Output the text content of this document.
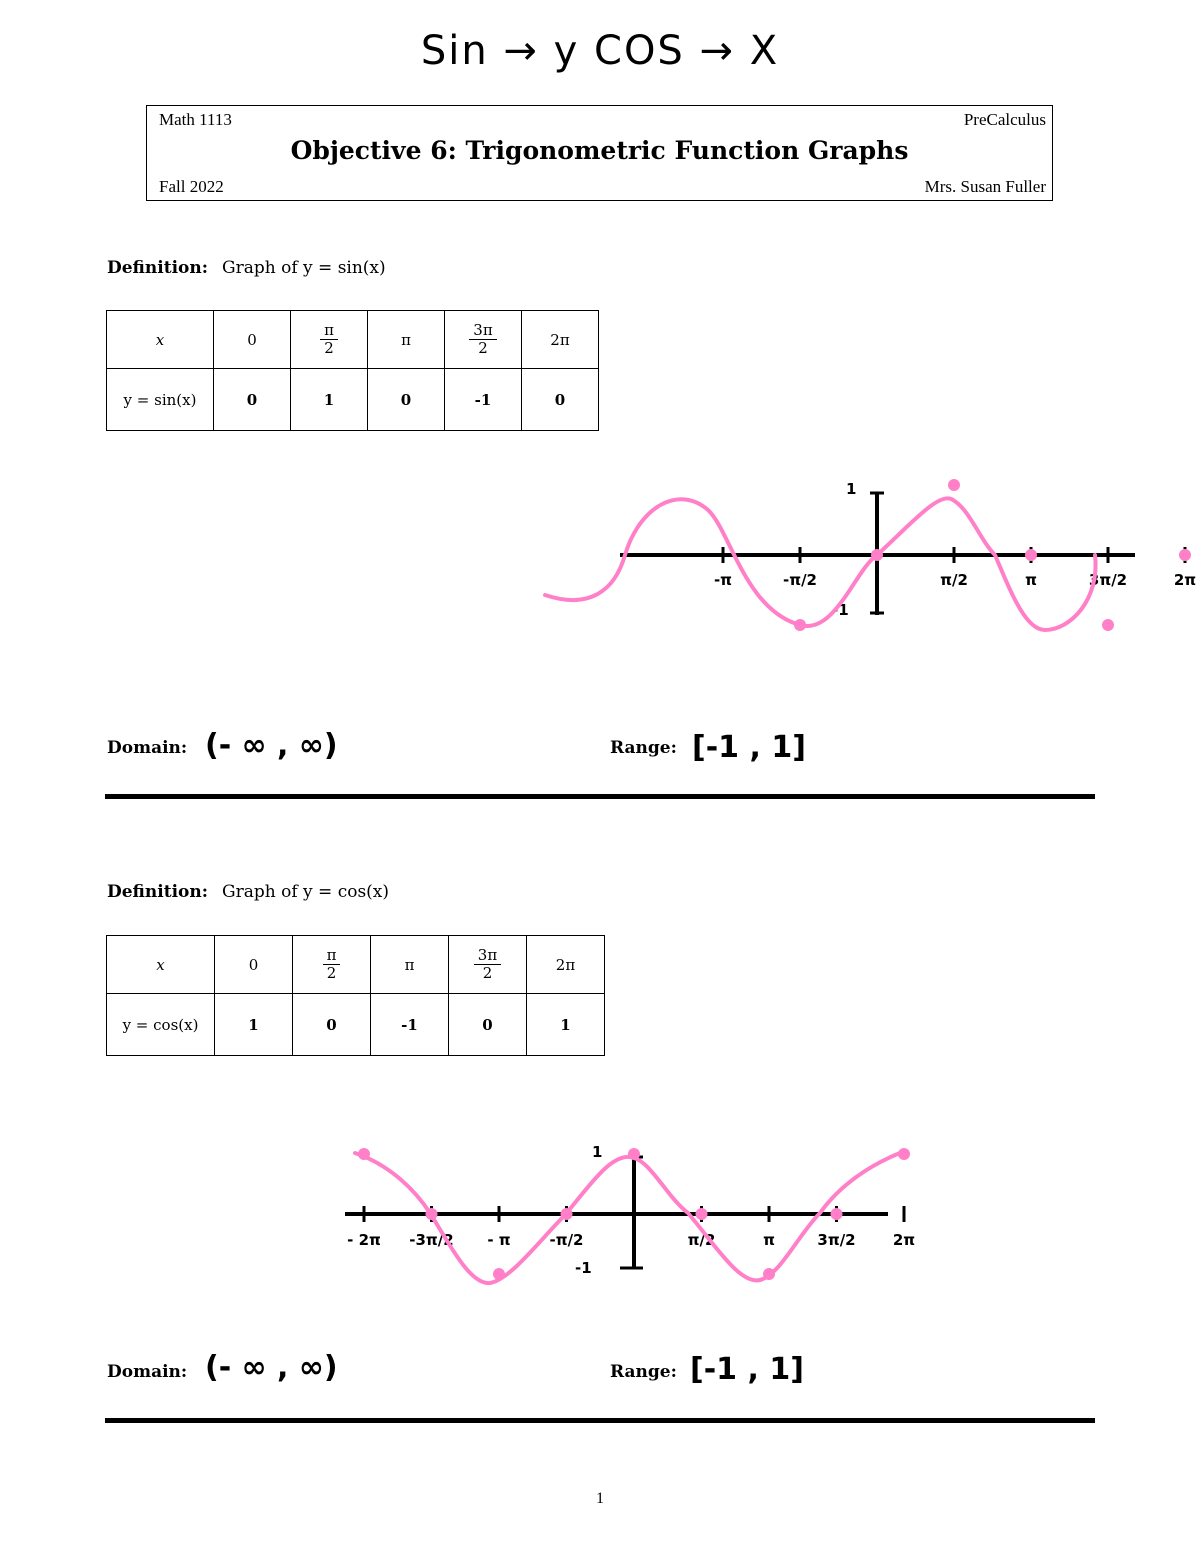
Sin → y COS → X
Math 1113	PreCalculus
Objective 6: Trigonometric Function Graphs
Fall 2022	Mrs. Susan Fuller
Definition: Graph of y = sin(x)
x	0	$\frac{\pi}{2}$	π	$\frac{3\pi}{2}$	2π
y = sin(x)	0	1	0	-1	0
1
-1
-π	-π/2	π/2	π	3π/2	2π
Domain: (- ∞ , ∞)	Range: [-1 , 1]
Definition: Graph of y = cos(x)
x	0	$\frac{\pi}{2}$	π	$\frac{3\pi}{2}$	2π
y = cos(x)	1	0	-1	0	1
1
-1
- 2π -3π/2 - π	-π/2	π/2	π	3π/2 2π
Domain: (- ∞ , ∞)	Range: [-1 , 1]
1
